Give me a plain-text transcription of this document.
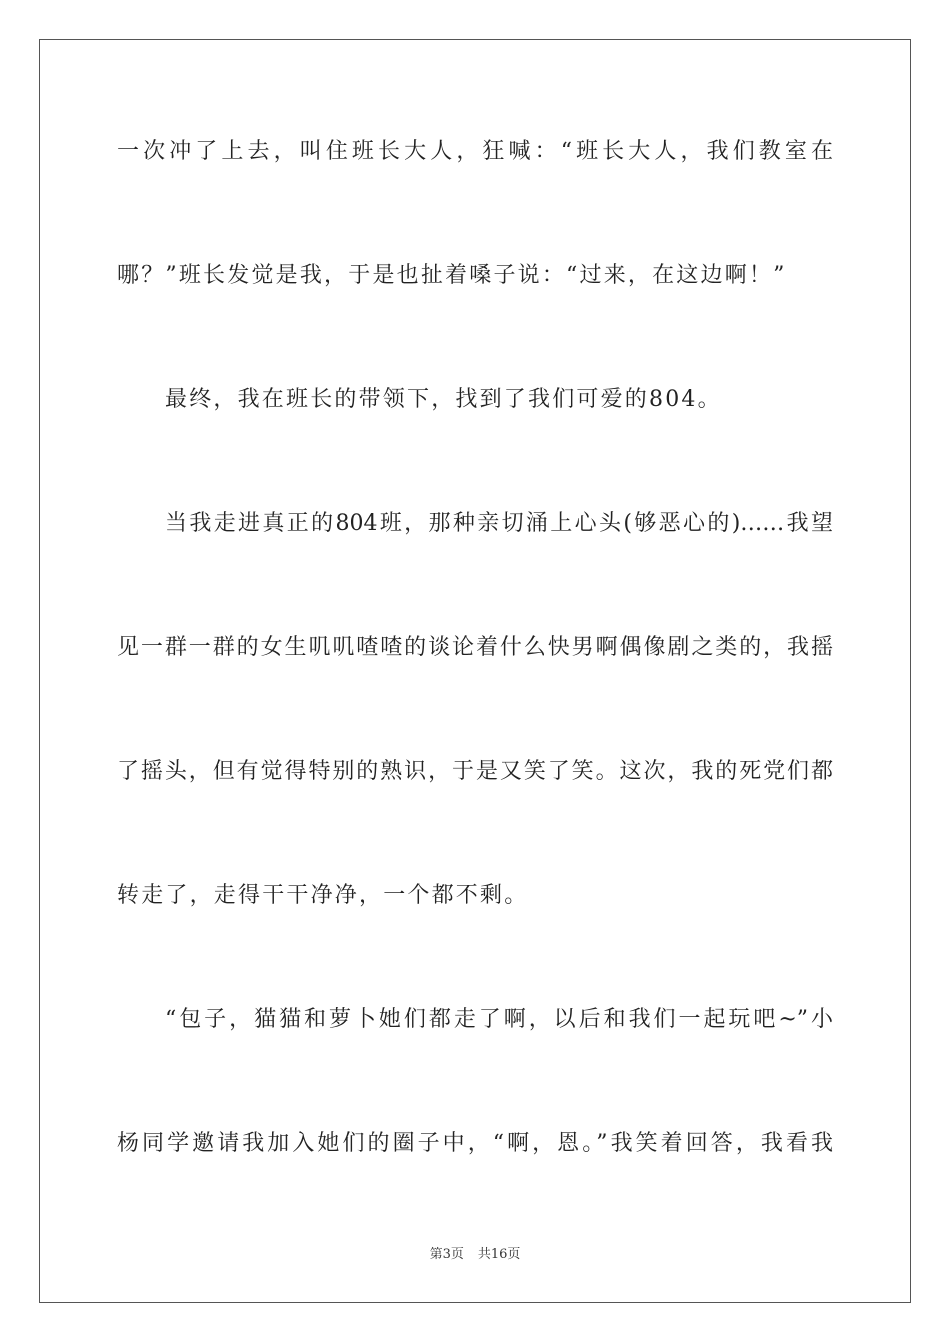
一次冲了上去，叫住班长大人，狂喊：“班长大人，我们教室在
哪？”班长发觉是我，于是也扯着嗓子说：“过来，在这边啊！”
最终，我在班长的带领下，找到了我们可爱的804。
当我走进真正的804班，那种亲切涌上心头(够恶心的)……我望
见一群一群的女生叽叽喳喳的谈论着什么快男啊偶像剧之类的，我摇
了摇头，但有觉得特别的熟识，于是又笑了笑。这次，我的死党们都
转走了，走得干干净净，一个都不剩。
“包子，猫猫和萝卜她们都走了啊，以后和我们一起玩吧~”小
杨同学邀请我加入她们的圈子中，“啊，恩。”我笑着回答，我看我
第3页 共16页
